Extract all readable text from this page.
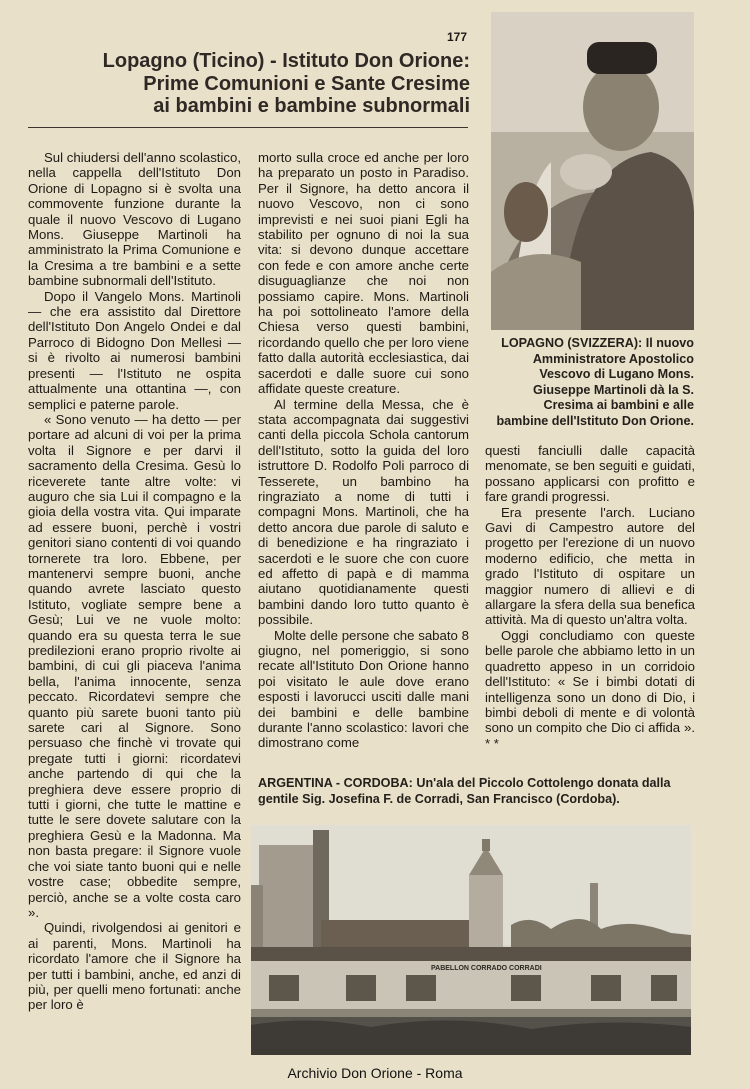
177
Lopagno (Ticino) - Istituto Don Orione:
Prime Comunioni e Sante Cresime
ai bambini e bambine subnormali

Sul chiudersi dell'anno scolastico, nella cappella dell'Istituto Don Orione di Lopagno si è svolta una commovente funzione durante la quale il nuovo Vescovo di Lugano Mons. Giuseppe Martinoli ha amministrato la Prima Comunione e la Cresima a tre bambini e a sette bambine subnormali dell'Istituto.

Dopo il Vangelo Mons. Martinoli — che era assistito dal Direttore dell'Istituto Don Angelo Ondei e dal Parroco di Bidogno Don Mellesi — si è rivolto ai numerosi bambini presenti — l'Istituto ne ospita attualmente una ottantina —, con semplici e paterne parole.

« Sono venuto — ha detto — per portare ad alcuni di voi per la prima volta il Signore e per darvi il sacramento della Cresima. Gesù lo riceverete tante altre volte: vi auguro che sia Lui il compagno e la gioia della vostra vita. Qui imparate ad essere buoni, perchè i vostri genitori siano contenti di voi quando tornerete tra loro. Ebbene, per mantenervi sempre buoni, anche quando avrete lasciato questo Istituto, vogliate sempre bene a Gesù; Lui ve ne vuole molto: quando era su questa terra le sue predilezioni erano proprio rivolte ai bambini, di cui gli piaceva l'anima bella, l'anima innocente, senza peccato. Ricordatevi sempre che quanto più sarete buoni tanto più sarete cari al Signore. Sono persuaso che finchè vi trovate qui pregate tutti i giorni: ricordatevi anche partendo di qui che la preghiera deve essere proprio di tutti i giorni, che tutte le mattine e tutte le sere dovete salutare con la preghiera Gesù e la Madonna. Ma non basta pregare: il Signore vuole che voi siate tanto buoni qui e nelle vostre case; obbedite sempre, perciò, anche se a volte costa caro ».

Quindi, rivolgendosi ai genitori e ai parenti, Mons. Martinoli ha ricordato l'amore che il Signore ha per tutti i bambini, anche, ed anzi di più, per quelli meno fortunati: anche per loro è

morto sulla croce ed anche per loro ha preparato un posto in Paradiso. Per il Signore, ha detto ancora il nuovo Vescovo, non ci sono imprevisti e nei suoi piani Egli ha stabilito per ognuno di noi la sua vita: si devono dunque accettare con fede e con amore anche certe disuguaglianze che noi non possiamo capire. Mons. Martinoli ha poi sottolineato l'amore della Chiesa verso questi bambini, ricordando quello che per loro viene fatto dalla autorità ecclesiastica, dai sacerdoti e dalle suore cui sono affidate queste creature.

Al termine della Messa, che è stata accompagnata dai suggestivi canti della piccola Schola cantorum dell'Istituto, sotto la guida del loro istruttore D. Rodolfo Poli parroco di Tesserete, un bambino ha ringraziato a nome di tutti i compagni Mons. Martinoli, che ha detto ancora due parole di saluto e di benedizione e ha ringraziato i sacerdoti e le suore che con cuore ed affetto di papà e di mamma aiutano quotidianamente questi bambini dando loro tutto quanto è possibile.

Molte delle persone che sabato 8 giugno, nel pomeriggio, si sono recate all'Istituto Don Orione hanno poi visitato le aule dove erano esposti i lavorucci usciti dalle mani dei bambini e delle bambine durante l'anno scolastico: lavori che dimostrano come

questi fanciulli dalle capacità menomate, se ben seguiti e guidati, possano applicarsi con profitto e fare grandi progressi.

Era presente l'arch. Luciano Gavi di Campestro autore del progetto per l'erezione di un nuovo moderno edificio, che metta in grado l'Istituto di ospitare un maggior numero di allievi e di allargare la sfera della sua benefica attività. Ma di questo un'altra volta.

Oggi concludiamo con queste belle parole che abbiamo letto in un quadretto appeso in un corridoio dell'Istituto: « Se i bimbi dotati di intelligenza sono un dono di Dio, i bimbi deboli di mente e di volontà sono un compito che Dio ci affida ». * *

LOPAGNO (SVIZZERA): Il nuovo Amministratore Apostolico Vescovo di Lugano Mons. Giuseppe Martinoli dà la S. Cresima ai bambini e alle bambine dell'Istituto Don Orione.

ARGENTINA - CORDOBA: Un'ala del Piccolo Cottolengo donata dalla gentile Sig. Josefina F. de Corradi, San Francisco (Cordoba).

PABELLON CORRADO CORRADI
Archivio Don Orione - Roma
